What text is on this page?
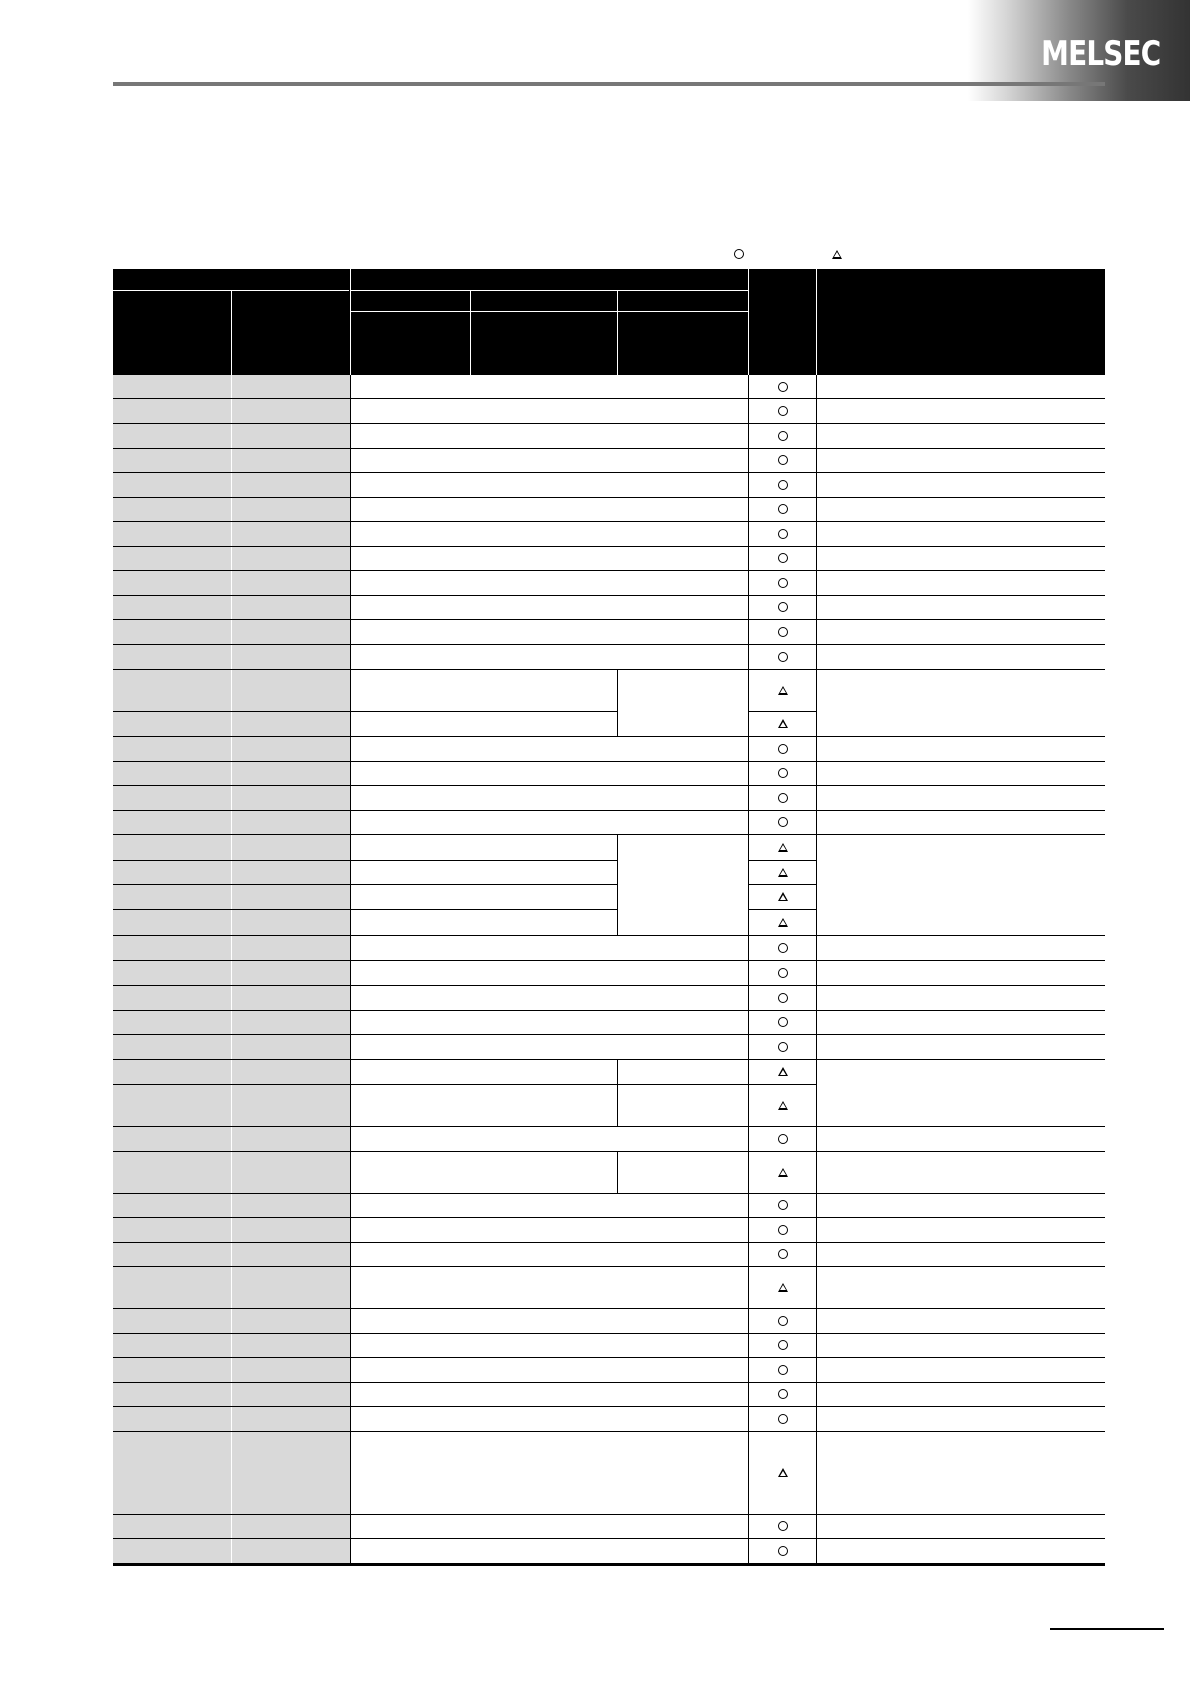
MELSEC
